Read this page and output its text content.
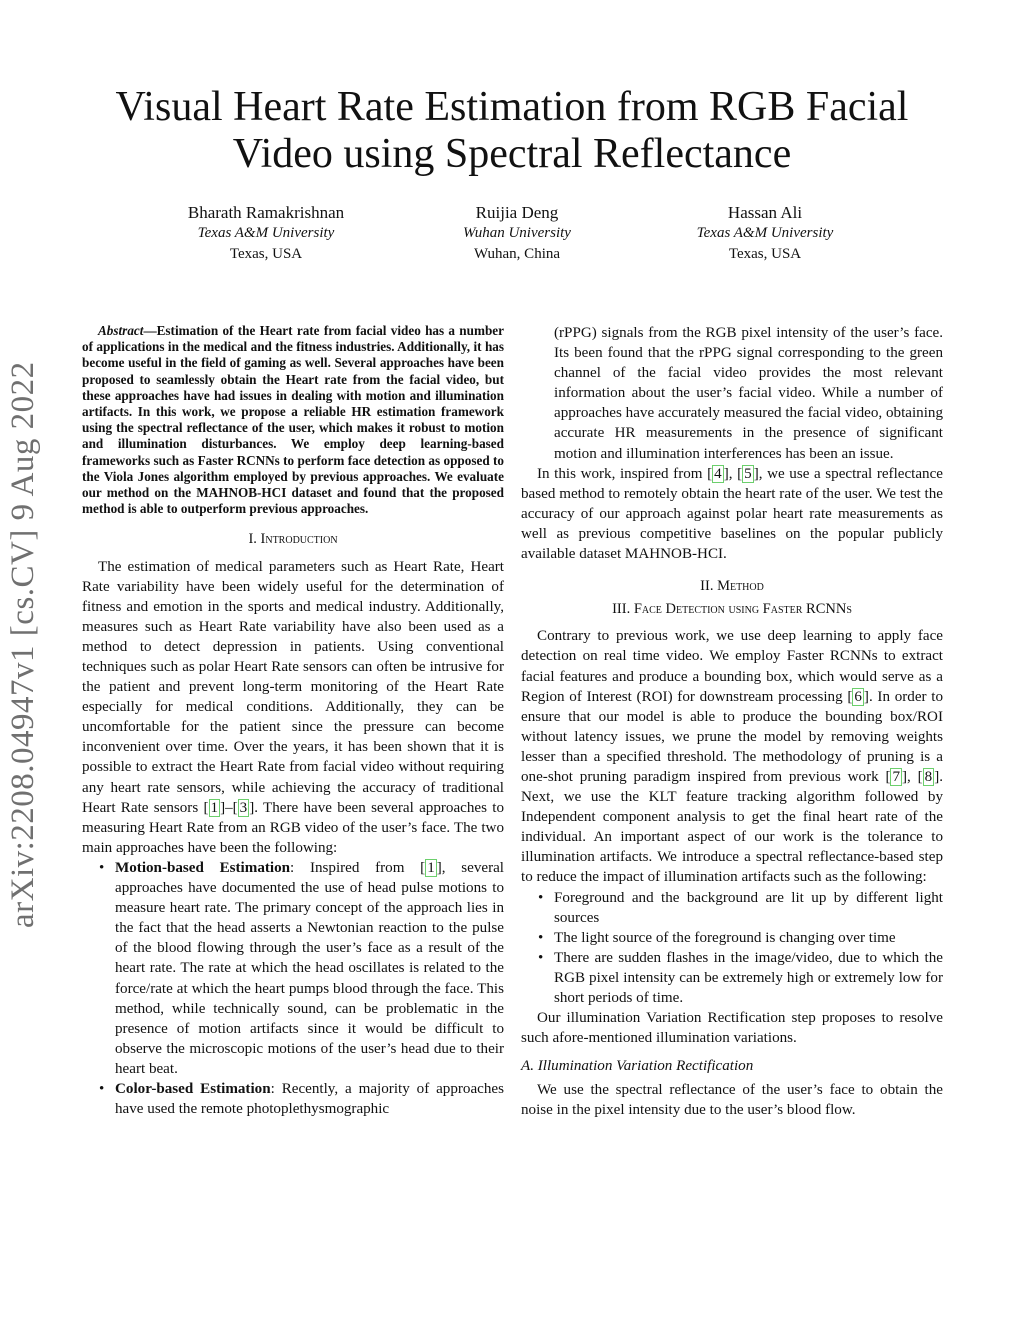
arXiv:2208.04947v1 [cs.CV] 9 Aug 2022
Visual Heart Rate Estimation from RGB Facial Video using Spectral Reflectance
Bharath Ramakrishnan
Texas A&M University
Texas, USA
Ruijia Deng
Wuhan University
Wuhan, China
Hassan Ali
Texas A&M University
Texas, USA

Abstract—Estimation of the Heart rate from facial video has a number of applications in the medical and the fitness industries. Additionally, it has become useful in the field of gaming as well. Several approaches have been proposed to seamlessly obtain the Heart rate from the facial video, but these approaches have had issues in dealing with motion and illumination artifacts. In this work, we propose a reliable HR estimation framework using the spectral reflectance of the user, which makes it robust to motion and illumination disturbances. We employ deep learning-based frameworks such as Faster RCNNs to perform face detection as opposed to the Viola Jones algorithm employed by previous approaches. We evaluate our method on the MAHNOB-HCI dataset and found that the proposed method is able to outperform previous approaches.

I. Introduction

The estimation of medical parameters such as Heart Rate, Heart Rate variability have been widely useful for the determination of fitness and emotion in the sports and medical industry. Additionally, measures such as Heart Rate variability have also been used as a method to detect depression in patients. Using conventional techniques such as polar Heart Rate sensors can often be intrusive for the patient and prevent long-term monitoring of the Heart Rate especially for medical conditions. Additionally, they can be uncomfortable for the patient since the pressure can become inconvenient over time. Over the years, it has been shown that it is possible to extract the Heart Rate from facial video without requiring any heart rate sensors, while achieving the accuracy of traditional Heart Rate sensors [ 1 ]–[ 3 ]. There have been several approaches to measuring Heart Rate from an RGB video of the user’s face. The two main approaches have been the following:

• Motion-based Estimation: Inspired from [ 1 ], several approaches have documented the use of head pulse motions to measure heart rate. The primary concept of the approach lies in the fact that the head asserts a Newtonian reaction to the pulse of the blood flowing through the user’s face as a result of the heart rate. The rate at which the head oscillates is related to the force/rate at which the heart pumps blood through the face. This method, while technically sound, can be problematic in the presence of motion artifacts since it would be difficult to observe the microscopic motions of the user’s head due to their heart beat.
• Color-based Estimation: Recently, a majority of approaches have used the remote photoplethysmographic

(rPPG) signals from the RGB pixel intensity of the user’s face. Its been found that the rPPG signal corresponding to the green channel of the facial video provides the most relevant information about the user’s facial video. While a number of approaches have accurately measured the facial video, obtaining accurate HR measurements in the presence of significant motion and illumination interferences has been an issue.

In this work, inspired from [ 4 ], [ 5 ], we use a spectral reflectance based method to remotely obtain the heart rate of the user. We test the accuracy of our approach against polar heart rate measurements as well as previous competitive baselines on the popular publicly available dataset MAHNOB-HCI.

II. Method
III. Face Detection using Faster RCNNs

Contrary to previous work, we use deep learning to apply face detection on real time video. We employ Faster RCNNs to extract facial features and produce a bounding box, which would serve as a Region of Interest (ROI) for downstream processing [ 6 ]. In order to ensure that our model is able to produce the bounding box/ROI without latency issues, we prune the model by removing weights lesser than a specified threshold. The methodology of pruning is a one-shot pruning paradigm inspired from previous work [ 7 ], [ 8 ]. Next, we use the KLT feature tracking algorithm followed by Independent component analysis to get the final heart rate of the individual. An important aspect of our work is the tolerance to illumination artifacts. We introduce a spectral reflectance-based step to reduce the impact of illumination artifacts such as the following:

• Foreground and the background are lit up by different light sources
• The light source of the foreground is changing over time
• There are sudden flashes in the image/video, due to which the RGB pixel intensity can be extremely high or extremely low for short periods of time.

Our illumination Variation Rectification step proposes to resolve such afore-mentioned illumination variations.

A. Illumination Variation Rectification

We use the spectral reflectance of the user’s face to obtain the noise in the pixel intensity due to the user’s blood flow.
